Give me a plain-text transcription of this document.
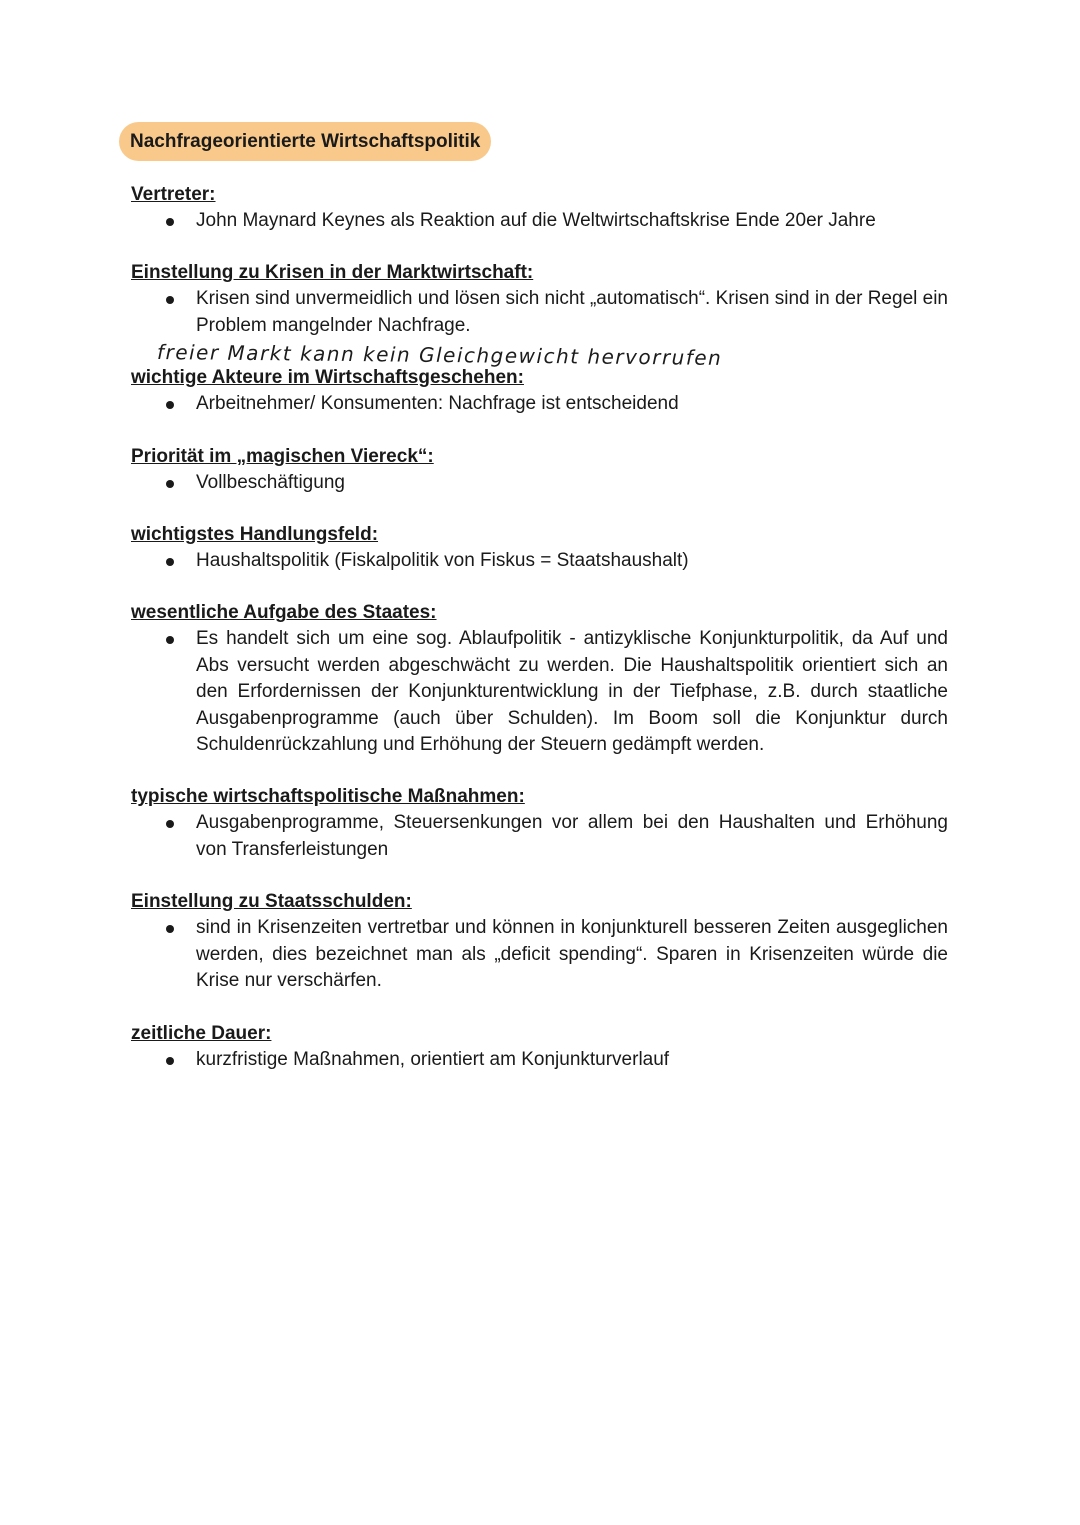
Nachfrageorientierte Wirtschaftspolitik

Vertreter:

John Maynard Keynes als Reaktion auf die Weltwirtschaftskrise Ende 20er Jahre

Einstellung zu Krisen in der Marktwirtschaft:

Krisen sind unvermeidlich und lösen sich nicht „automatisch“. Krisen sind in der Regel ein Problem mangelnder Nachfrage.
freier Markt kann kein Gleichgewicht hervorrufen

wichtige Akteure im Wirtschaftsgeschehen:

Arbeitnehmer/ Konsumenten: Nachfrage ist entscheidend

Priorität im „magischen Viereck“:

Vollbeschäftigung

wichtigstes Handlungsfeld:

Haushaltspolitik (Fiskalpolitik von Fiskus = Staatshaushalt)

wesentliche Aufgabe des Staates:

Es handelt sich um eine sog. Ablaufpolitik - antizyklische Konjunkturpolitik, da Auf und Abs versucht werden abgeschwächt zu werden. Die Haushaltspolitik orientiert sich an den Erfordernissen der Konjunkturentwicklung in der Tiefphase, z.B. durch staatliche Ausgabenprogramme (auch über Schulden). Im Boom soll die Konjunktur durch Schuldenrückzahlung und Erhöhung der Steuern gedämpft werden.

typische wirtschaftspolitische Maßnahmen:

Ausgabenprogramme, Steuersenkungen vor allem bei den Haushalten und Erhöhung von Transferleistungen

Einstellung zu Staatsschulden:

sind in Krisenzeiten vertretbar und können in konjunkturell besseren Zeiten ausgeglichen werden, dies bezeichnet man als „deficit spending“. Sparen in Krisenzeiten würde die Krise nur verschärfen.

zeitliche Dauer:

kurzfristige Maßnahmen, orientiert am Konjunkturverlauf
